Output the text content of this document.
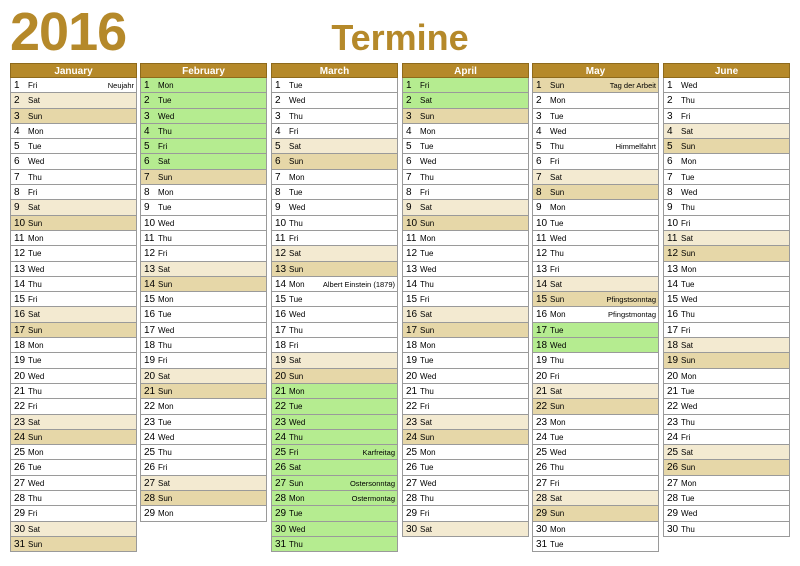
2016	Termine
January
1 Fri	Neujahr
2 Sat
3 Sun
4 Mon
5 Tue
6 Wed
7 Thu
8 Fri
9 Sat
10 Sun
11 Mon
12 Tue
13 Wed
14 Thu
15 Fri
16 Sat
17 Sun
18 Mon
19 Tue
20 Wed
21 Thu
22 Fri
23 Sat
24 Sun
25 Mon
26 Tue
27 Wed
28 Thu
29 Fri
30 Sat
31 Sun
February
1 Mon
2 Tue
3 Wed
4 Thu
5 Fri
6 Sat
7 Sun
8 Mon
9 Tue
10 Wed
11 Thu
12 Fri
13 Sat
14 Sun
15 Mon
16 Tue
17 Wed
18 Thu
19 Fri
20 Sat
21 Sun
22 Mon
23 Tue
24 Wed
25 Thu
26 Fri
27 Sat
28 Sun
29 Mon
March
1 Tue
2 Wed
3 Thu
4 Fri
5 Sat
6 Sun
7 Mon
8 Tue
9 Wed
10 Thu
11 Fri
12 Sat
13 Sun
14 Mon Albert Einstein (1879)
15 Tue
16 Wed
17 Thu
18 Fri
19 Sat
20 Sun
21 Mon
22 Tue
23 Wed
24 Thu
25 Fri	Karfreitag
26 Sat
27 Sun	Ostersonntag
28 Mon	Ostermontag
29 Tue
30 Wed
31 Thu
April
1 Fri
2 Sat
3 Sun
4 Mon
5 Tue
6 Wed
7 Thu
8 Fri
9 Sat
10 Sun
11 Mon
12 Tue
13 Wed
14 Thu
15 Fri
16 Sat
17 Sun
18 Mon
19 Tue
20 Wed
21 Thu
22 Fri
23 Sat
24 Sun
25 Mon
26 Tue
27 Wed
28 Thu
29 Fri
30 Sat
May
1 Sun	Tag der Arbeit
2 Mon
3 Tue
4 Wed
5 Thu	Himmelfahrt
6 Fri
7 Sat
8 Sun
9 Mon
10 Tue
11 Wed
12 Thu
13 Fri
14 Sat
15 Sun	Pfingstsonntag
16 Mon	Pfingstmontag
17 Tue
18 Wed
19 Thu
20 Fri
21 Sat
22 Sun
23 Mon
24 Tue
25 Wed
26 Thu
27 Fri
28 Sat
29 Sun
30 Mon
31 Tue
June
1 Wed
2 Thu
3 Fri
4 Sat
5 Sun
6 Mon
7 Tue
8 Wed
9 Thu
10 Fri
11 Sat
12 Sun
13 Mon
14 Tue
15 Wed
16 Thu
17 Fri
18 Sat
19 Sun
20 Mon
21 Tue
22 Wed
23 Thu
24 Fri
25 Sat
26 Sun
27 Mon
28 Tue
29 Wed
30 Thu
